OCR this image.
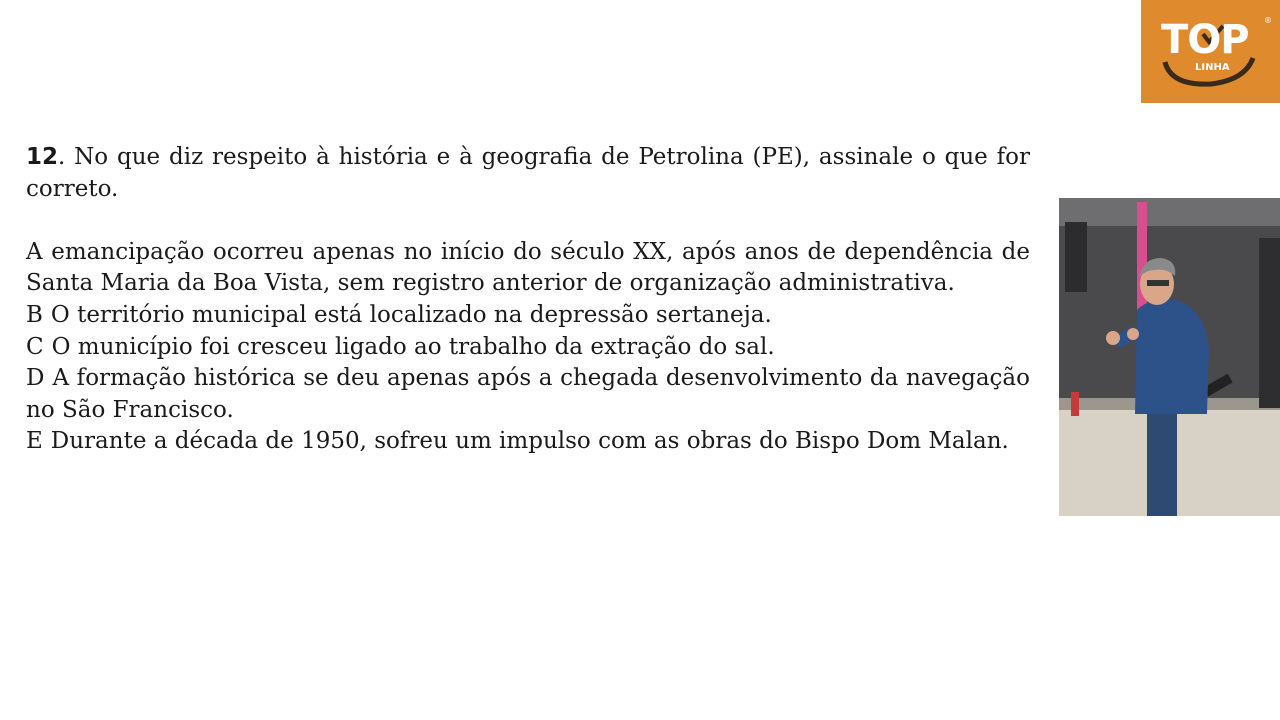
TOP
LINHA
®

12. No que diz respeito à história e à geografia de Petrolina (PE), assinale o que for correto.

A emancipação ocorreu apenas no início do século XX, após anos de dependência de Santa Maria da Boa Vista, sem registro anterior de organização administrativa.

B O território municipal está localizado na depressão sertaneja.

C O município foi cresceu ligado ao trabalho da extração do sal.

D A formação histórica se deu apenas após a chegada desenvolvimento da navegação no São Francisco.

E Durante a década de 1950, sofreu um impulso com as obras do Bispo Dom Malan.
